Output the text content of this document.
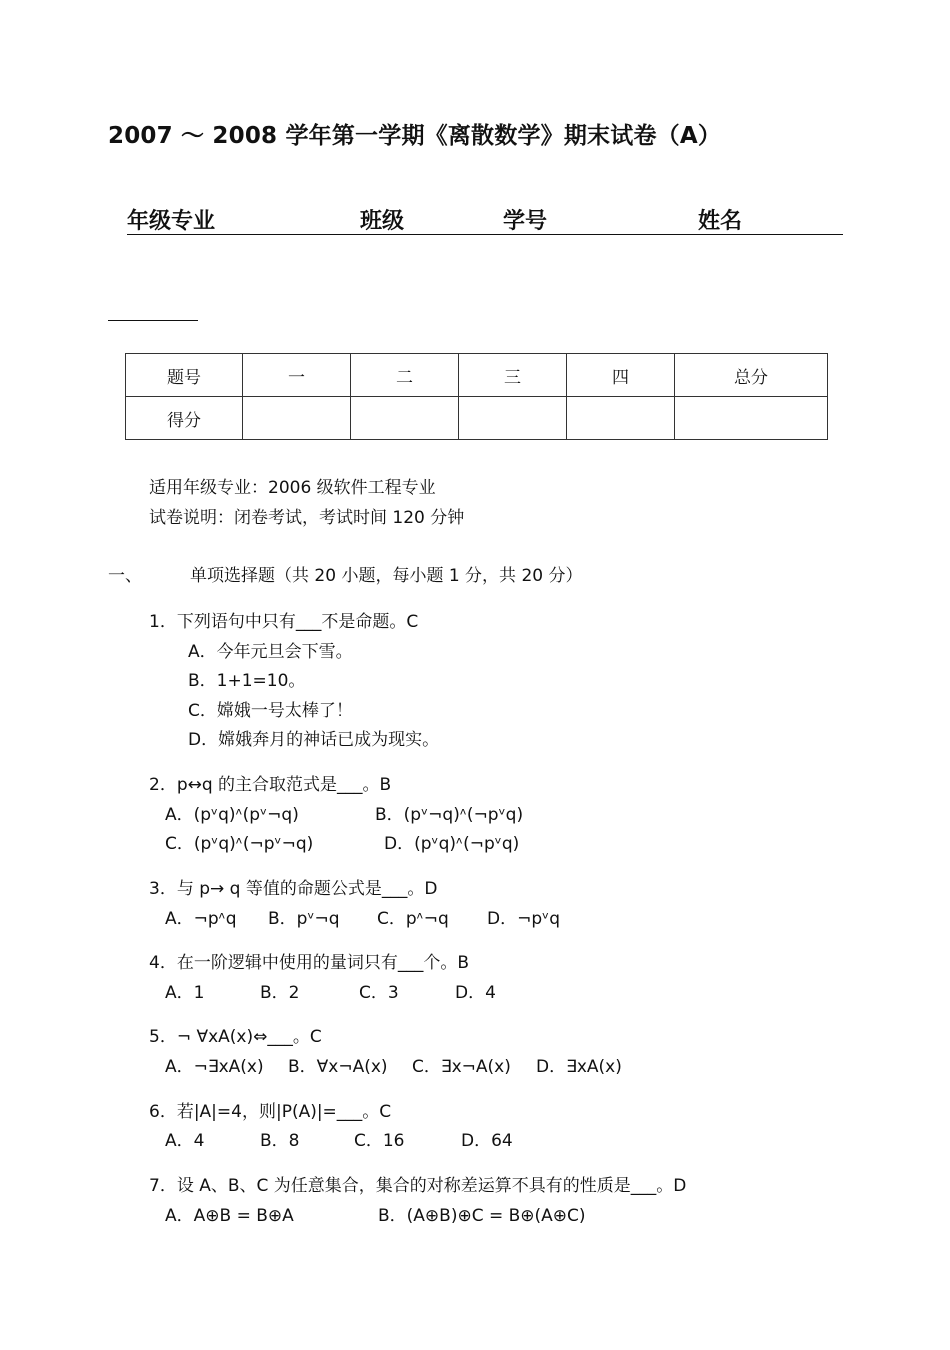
2007 ～ 2008 学年第一学期《离散数学》期末试卷（A）
年级专业	班级	学号	姓名
题号	一	二	三	四	总分
得分					
适用年级专业：2006 级软件工程专业
试卷说明：闭卷考试，考试时间 120 分钟
一、	单项选择题（共 20 小题，每小题 1 分，共 20 分）
1．下列语句中只有___不是命题。C
A．今年元旦会下雪。
B．1+1=10。
C．嫦娥一号太棒了！
D．嫦娥奔月的神话已成为现实。
2．p↔q 的主合取范式是___。B
A．(pᵛq)ᶺ(pᵛ¬q)	B．(pᵛ¬q)ᶺ(¬pᵛq)
C．(pᵛq)ᶺ(¬pᵛ¬q)	D．(pᵛq)ᶺ(¬pᵛq)
3．与 p→ q 等值的命题公式是___。D
A．¬pᶺq B．pᵛ¬q C．pᶺ¬q D．¬pᵛq
4．在一阶逻辑中使用的量词只有___个。B
A．1	B．2	C．3	D．4
5．¬ ∀xA(x)⇔___。C
A．¬∃xA(x) B．∀x¬A(x) C．∃x¬A(x) D．∃xA(x)
6．若|A|=4，则|P(A)|=___。C
A．4	B．8	C．16	D．64
7．设 A、B、C 为任意集合，集合的对称差运算不具有的性质是___。D
A．A⊕B = B⊕A	B．(A⊕B)⊕C = B⊕(A⊕C)
